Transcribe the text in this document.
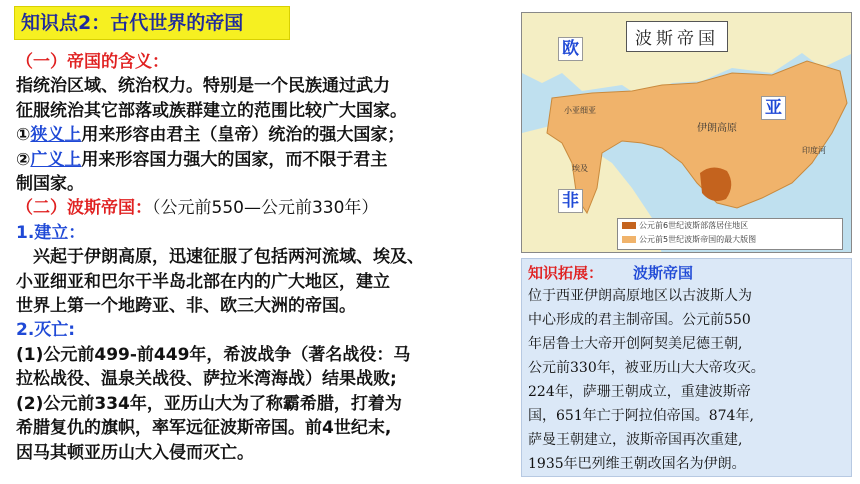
知识点2：古代世界的帝国
（一）帝国的含义：
指统治区域、统治权力。特别是一个民族通过武力
征服统治其它部落或族群建立的范围比较广大国家。
①狭义上用来形容由君主（皇帝）统治的强大国家；
②广义上用来形容国力强大的国家，而不限于君主
制国家。
（二）波斯帝国：（公元前550—公元前330年）
1.建立：
兴起于伊朗高原，迅速征服了包括两河流域、埃及、
小亚细亚和巴尔干半岛北部在内的广大地区，建立
世界上第一个地跨亚、非、欧三大洲的帝国。
2.灭亡:
(1)公元前499-前449年，希波战争（著名战役：马
拉松战役、温泉关战役、萨拉米湾海战）结果战败;
(2)公元前334年，亚历山大为了称霸希腊，打着为
希腊复仇的旗帜，率军远征波斯帝国。前4世纪末,
因马其顿亚历山大入侵而灭亡。
伊朗高原
小亚细亚
埃及
印度河
波斯帝国
欧
亚
非
公元前6世纪波斯部落居住地区
公元前5世纪波斯帝国的最大版图
知识拓展： 波斯帝国
位于西亚伊朗高原地区以古波斯人为
中心形成的君主制帝国。公元前550
年居鲁士大帝开创阿契美尼德王朝,
公元前330年，被亚历山大大帝攻灭。
224年，萨珊王朝成立，重建波斯帝
国，651年亡于阿拉伯帝国。874年,
萨曼王朝建立，波斯帝国再次重建,
1935年巴列维王朝改国名为伊朗。
